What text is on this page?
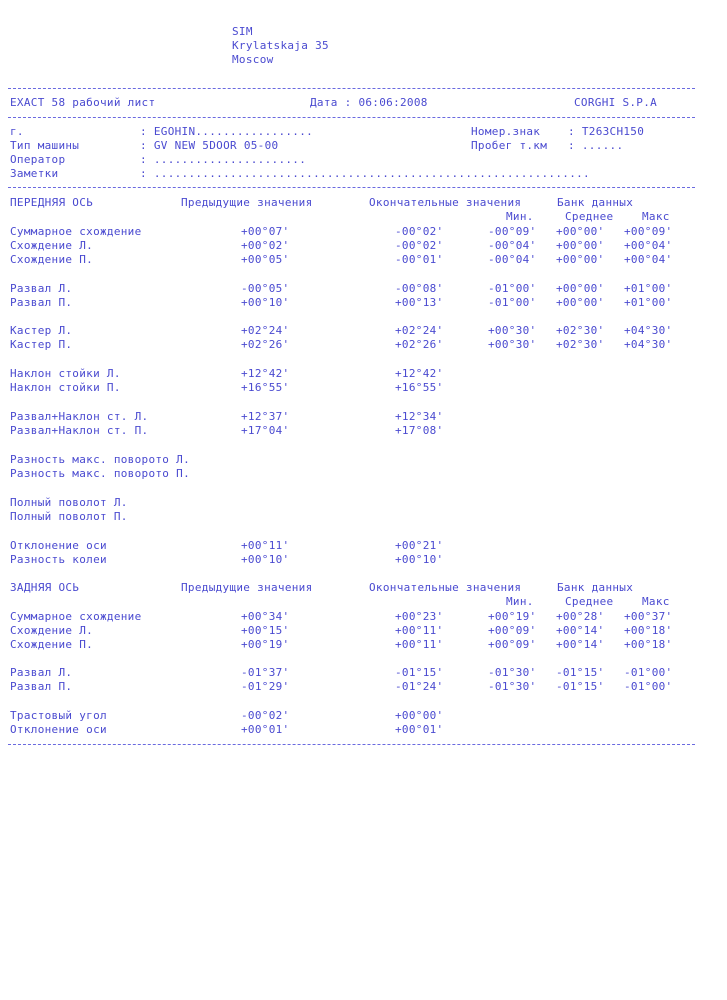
SIM
Krylatskaja 35
Moscow
EXACT 58 рабочий лист	Дата : 06:06:2008	CORGHI S.P.A
г.	: EGOHIN.................
Тип машины	: GV NEW 5DOOR 05-00
Оператор	: ......................
Заметки	: ...............................................................
Номер.знак	: T263CH150
Пробег т.км : ......
ПЕРЕДНЯЯ ОСЬ	Предыдущие значения	Окончательные значения	Банк данных
Мин.	Среднее	Макс
Суммарное схождение	+00°07'	-00°02'	-00°09' +00°00' +00°09'
Схождение Л.	+00°02'	-00°02'	-00°04' +00°00' +00°04'
Схождение П.	+00°05'	-00°01'	-00°04' +00°00' +00°04'
Развал Л.	-00°05'	-00°08'	-01°00' +00°00' +01°00'
Развал П.	+00°10'	+00°13'	-01°00' +00°00' +01°00'
Кастер Л.	+02°24'	+02°24'	+00°30' +02°30' +04°30'
Кастер П.	+02°26'	+02°26'	+00°30' +02°30' +04°30'
Наклон стойки Л.	+12°42'	+12°42'
Наклон стойки П.	+16°55'	+16°55'
Развал+Наклон ст. Л.	+12°37'	+12°34'
Развал+Наклон ст. П.	+17°04'	+17°08'
Разность макс. поворото Л.
Разность макс. поворото П.
Полный поволот Л.
Полный поволот П.
Отклонение оси	+00°11'	+00°21'
Разность колеи	+00°10'	+00°10'
ЗАДНЯЯ ОСЬ	Предыдущие значения	Окончательные значения	Банк данных
Мин.	Среднее	Макс
Суммарное схождение	+00°34'	+00°23'	+00°19' +00°28' +00°37'
Схождение Л.	+00°15'	+00°11'	+00°09' +00°14' +00°18'
Схождение П.	+00°19'	+00°11'	+00°09' +00°14' +00°18'
Развал Л.	-01°37'	-01°15'	-01°30' -01°15' -01°00'
Развал П.	-01°29'	-01°24'	-01°30' -01°15' -01°00'
Трастовый угол	-00°02'	+00°00'
Отклонение оси	+00°01'	+00°01'
